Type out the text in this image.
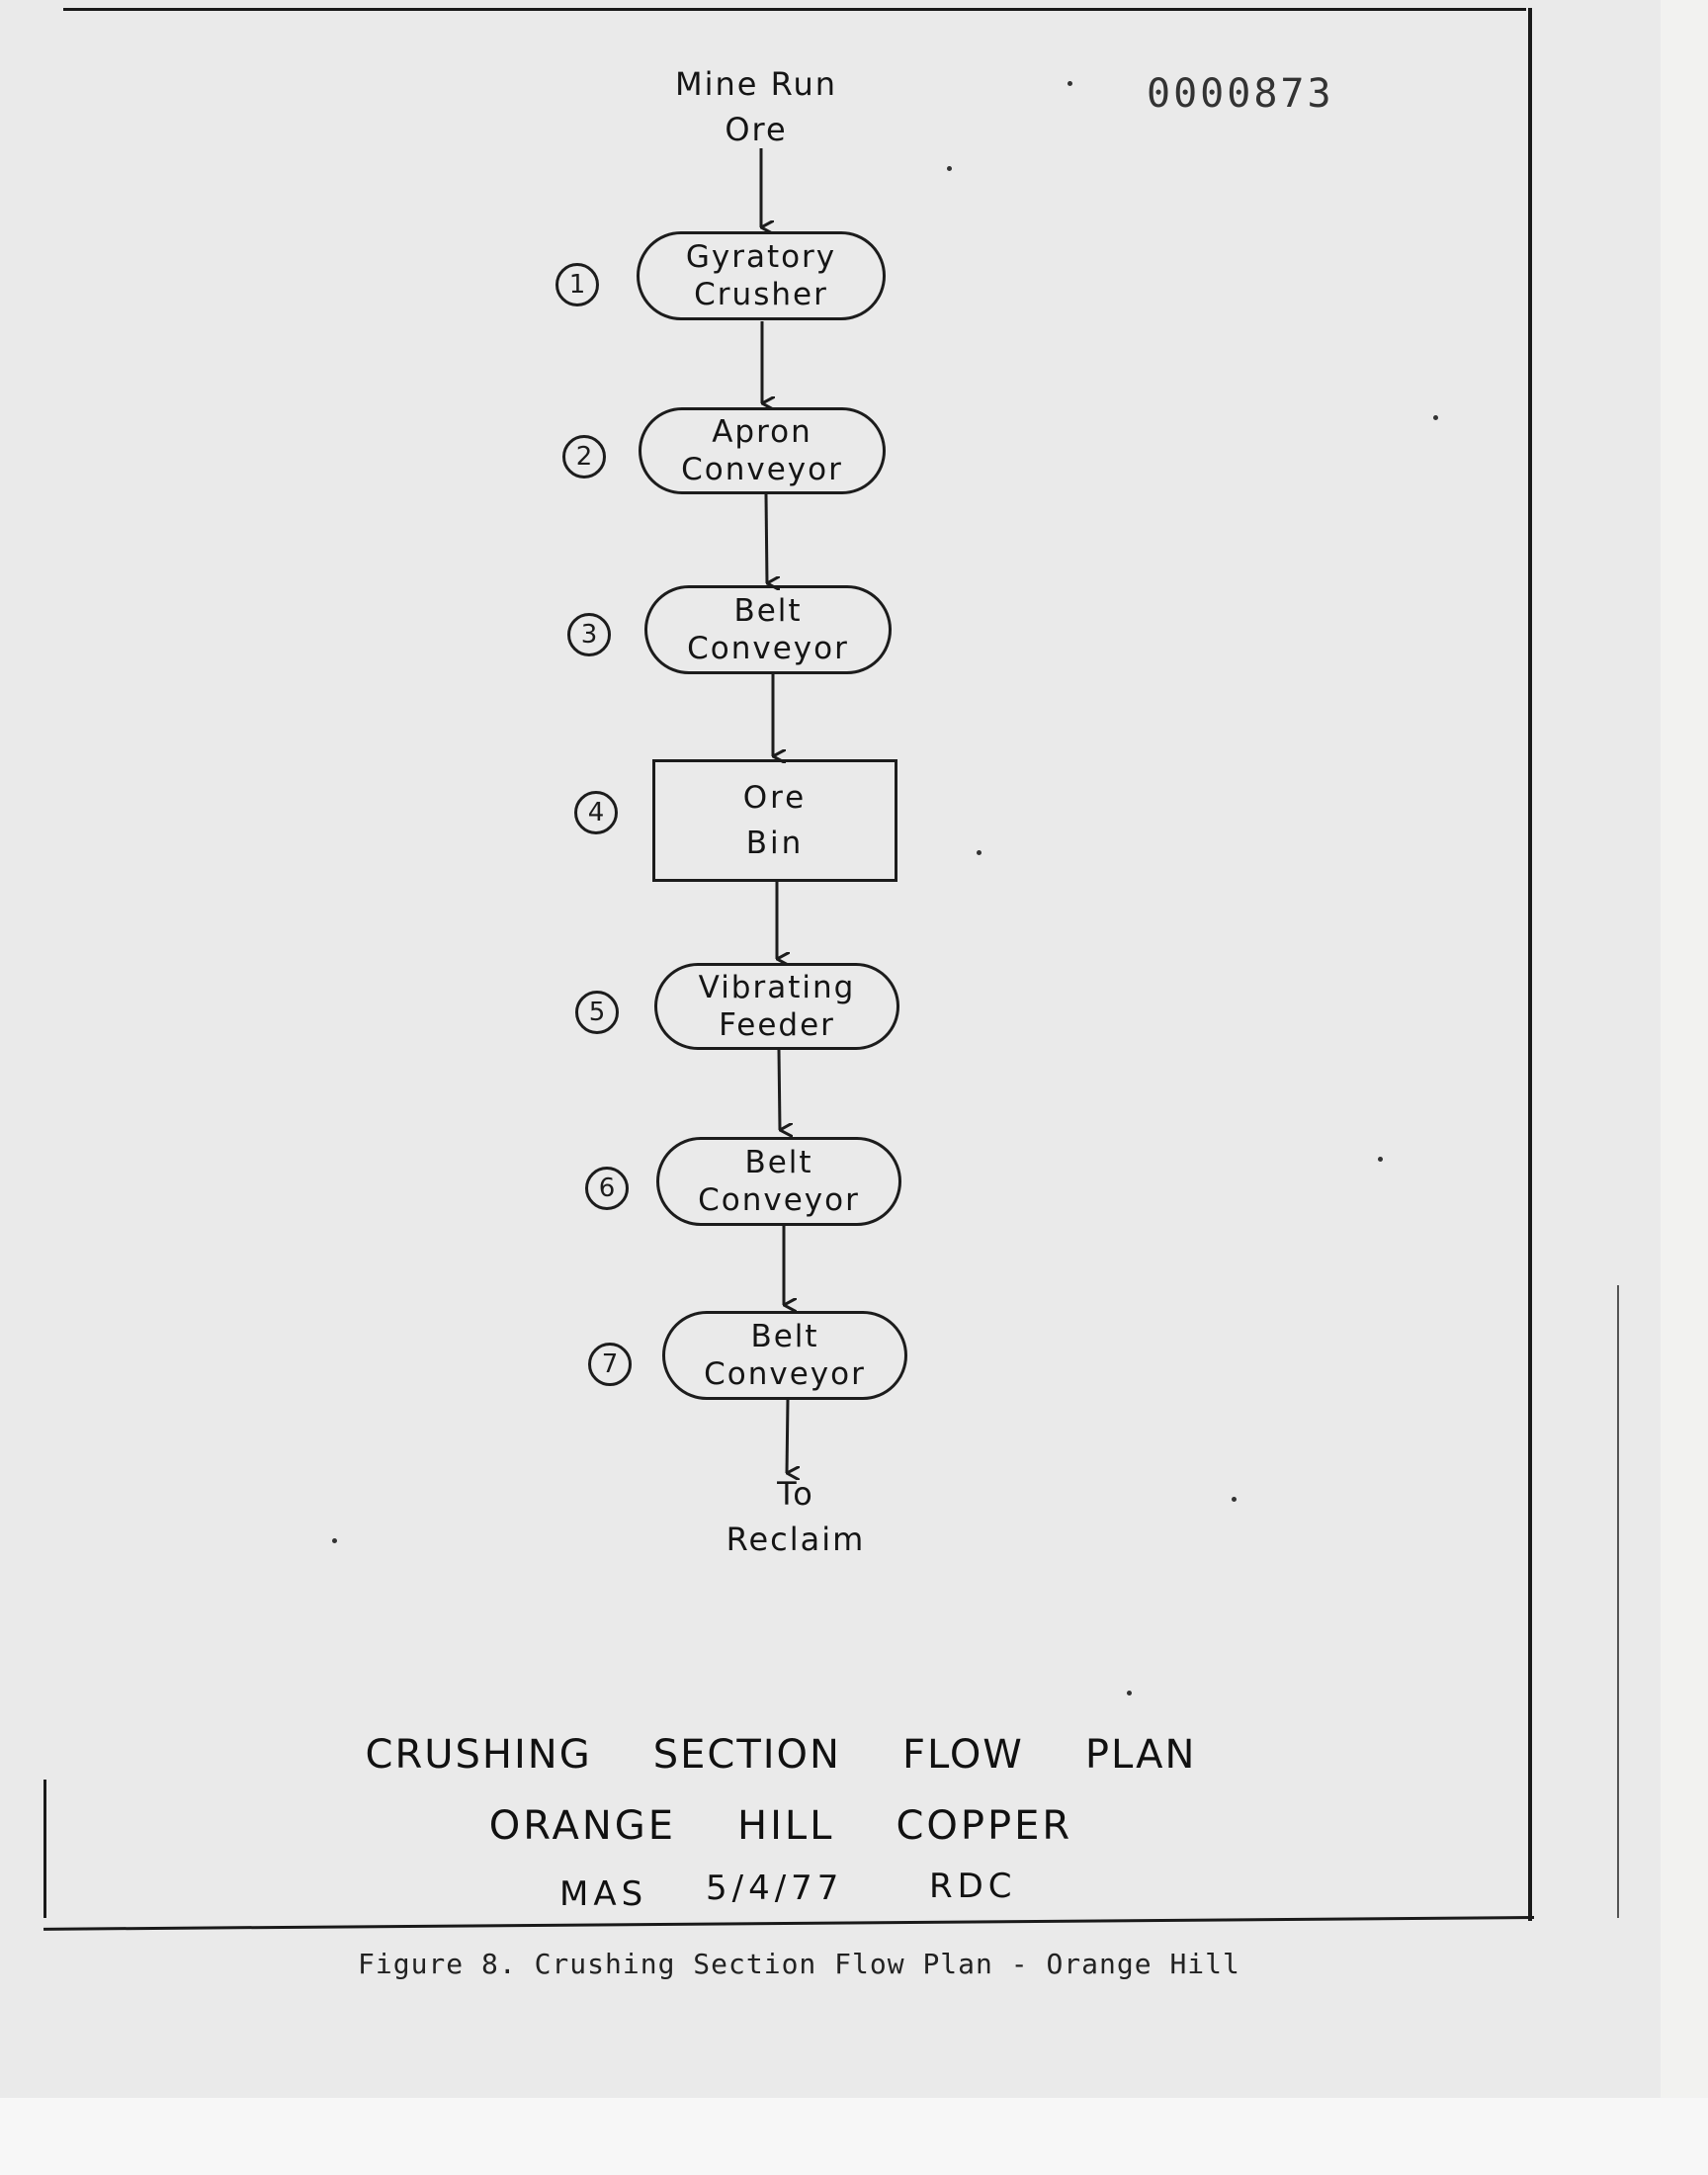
0000873
Mine Run
Ore
1
Gyratory
Crusher
2
Apron
Conveyor
3
Belt
Conveyor
4	Ore
Bin
5
Vibrating
Feeder
6
Belt
Conveyor
7
Belt
Conveyor
To
Reclaim
CRUSHING SECTION FLOW PLAN
ORANGE HILL COPPER
MAS 5/4/77	RDC
Figure 8. Crushing Section Flow Plan - Orange Hill
